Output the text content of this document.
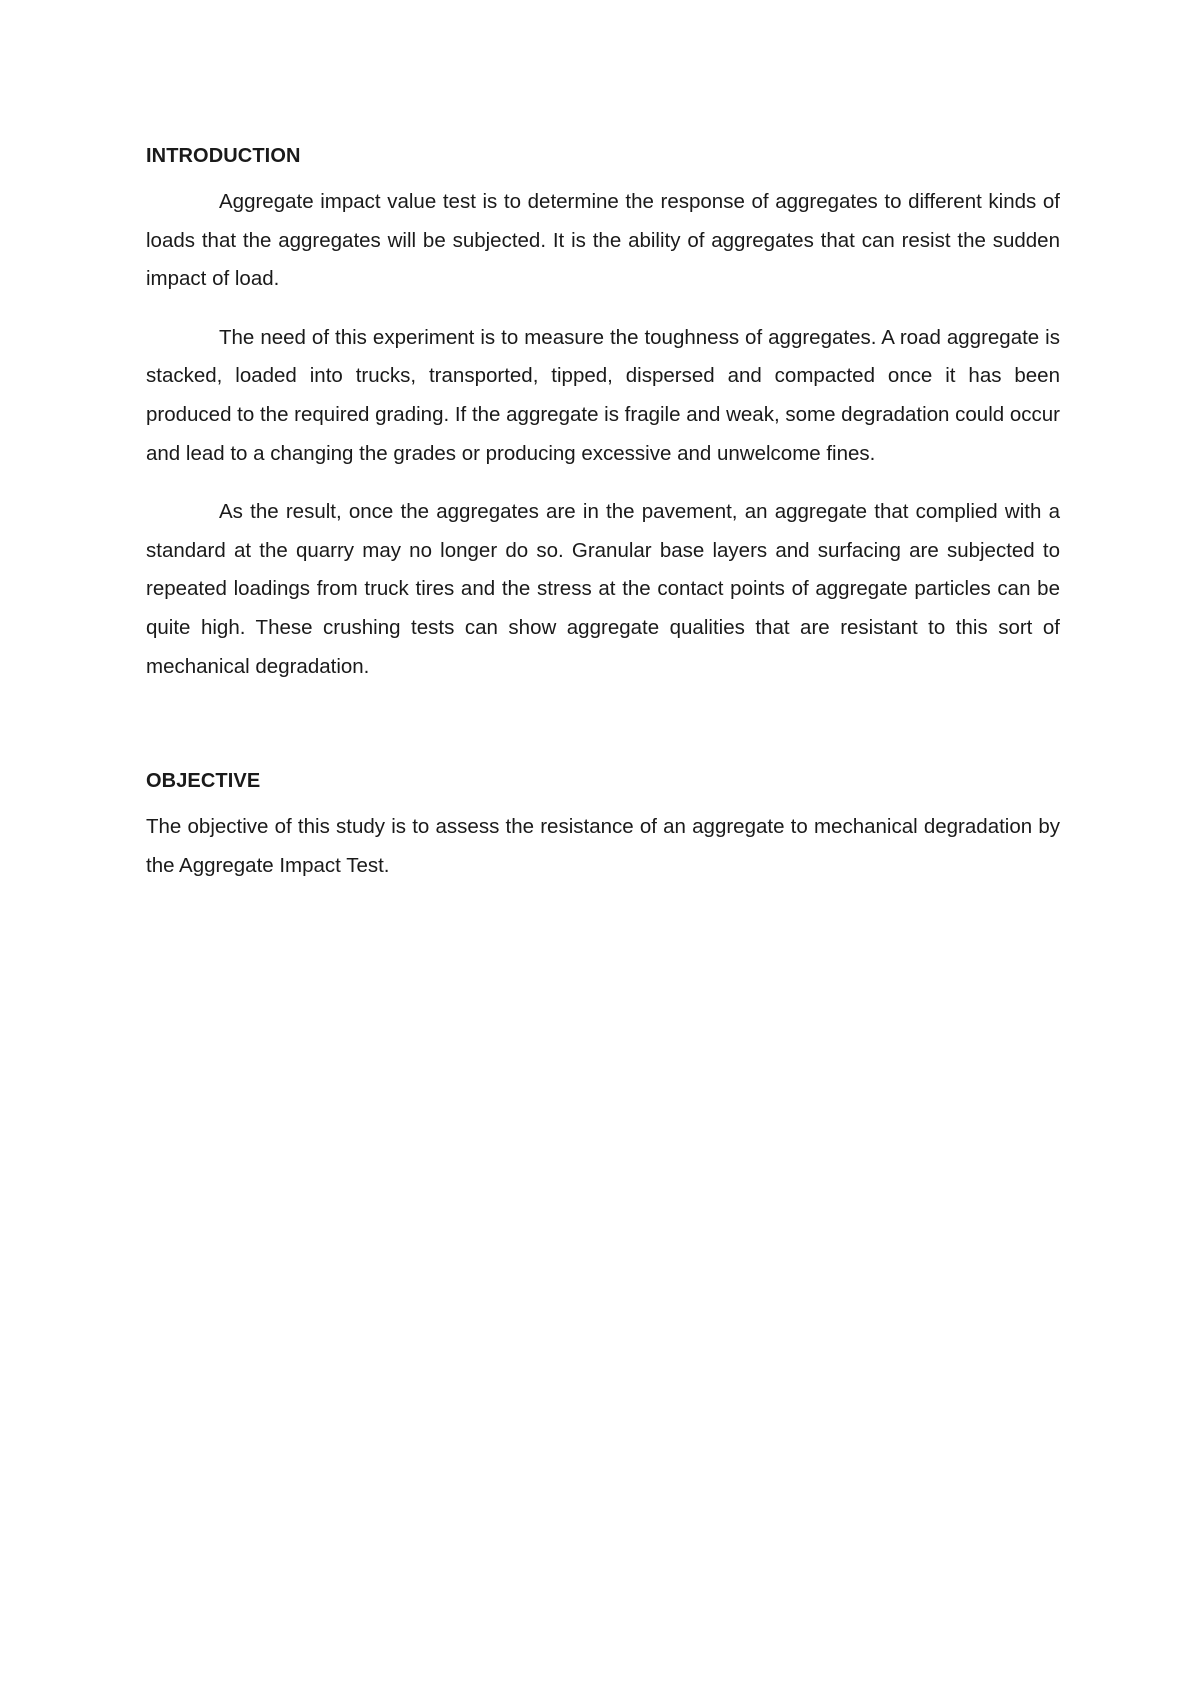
INTRODUCTION

Aggregate impact value test is to determine the response of aggregates to different kinds of loads that the aggregates will be subjected. It is the ability of aggregates that can resist the sudden impact of load.

The need of this experiment is to measure the toughness of aggregates. A road aggregate is stacked, loaded into trucks, transported, tipped, dispersed and compacted once it has been produced to the required grading. If the aggregate is fragile and weak, some degradation could occur and lead to a changing the grades or producing excessive and unwelcome fines.

As the result, once the aggregates are in the pavement, an aggregate that complied with a standard at the quarry may no longer do so. Granular base layers and surfacing are subjected to repeated loadings from truck tires and the stress at the contact points of aggregate particles can be quite high. These crushing tests can show aggregate qualities that are resistant to this sort of mechanical degradation.

OBJECTIVE

The objective of this study is to assess the resistance of an aggregate to mechanical degradation by the Aggregate Impact Test.
